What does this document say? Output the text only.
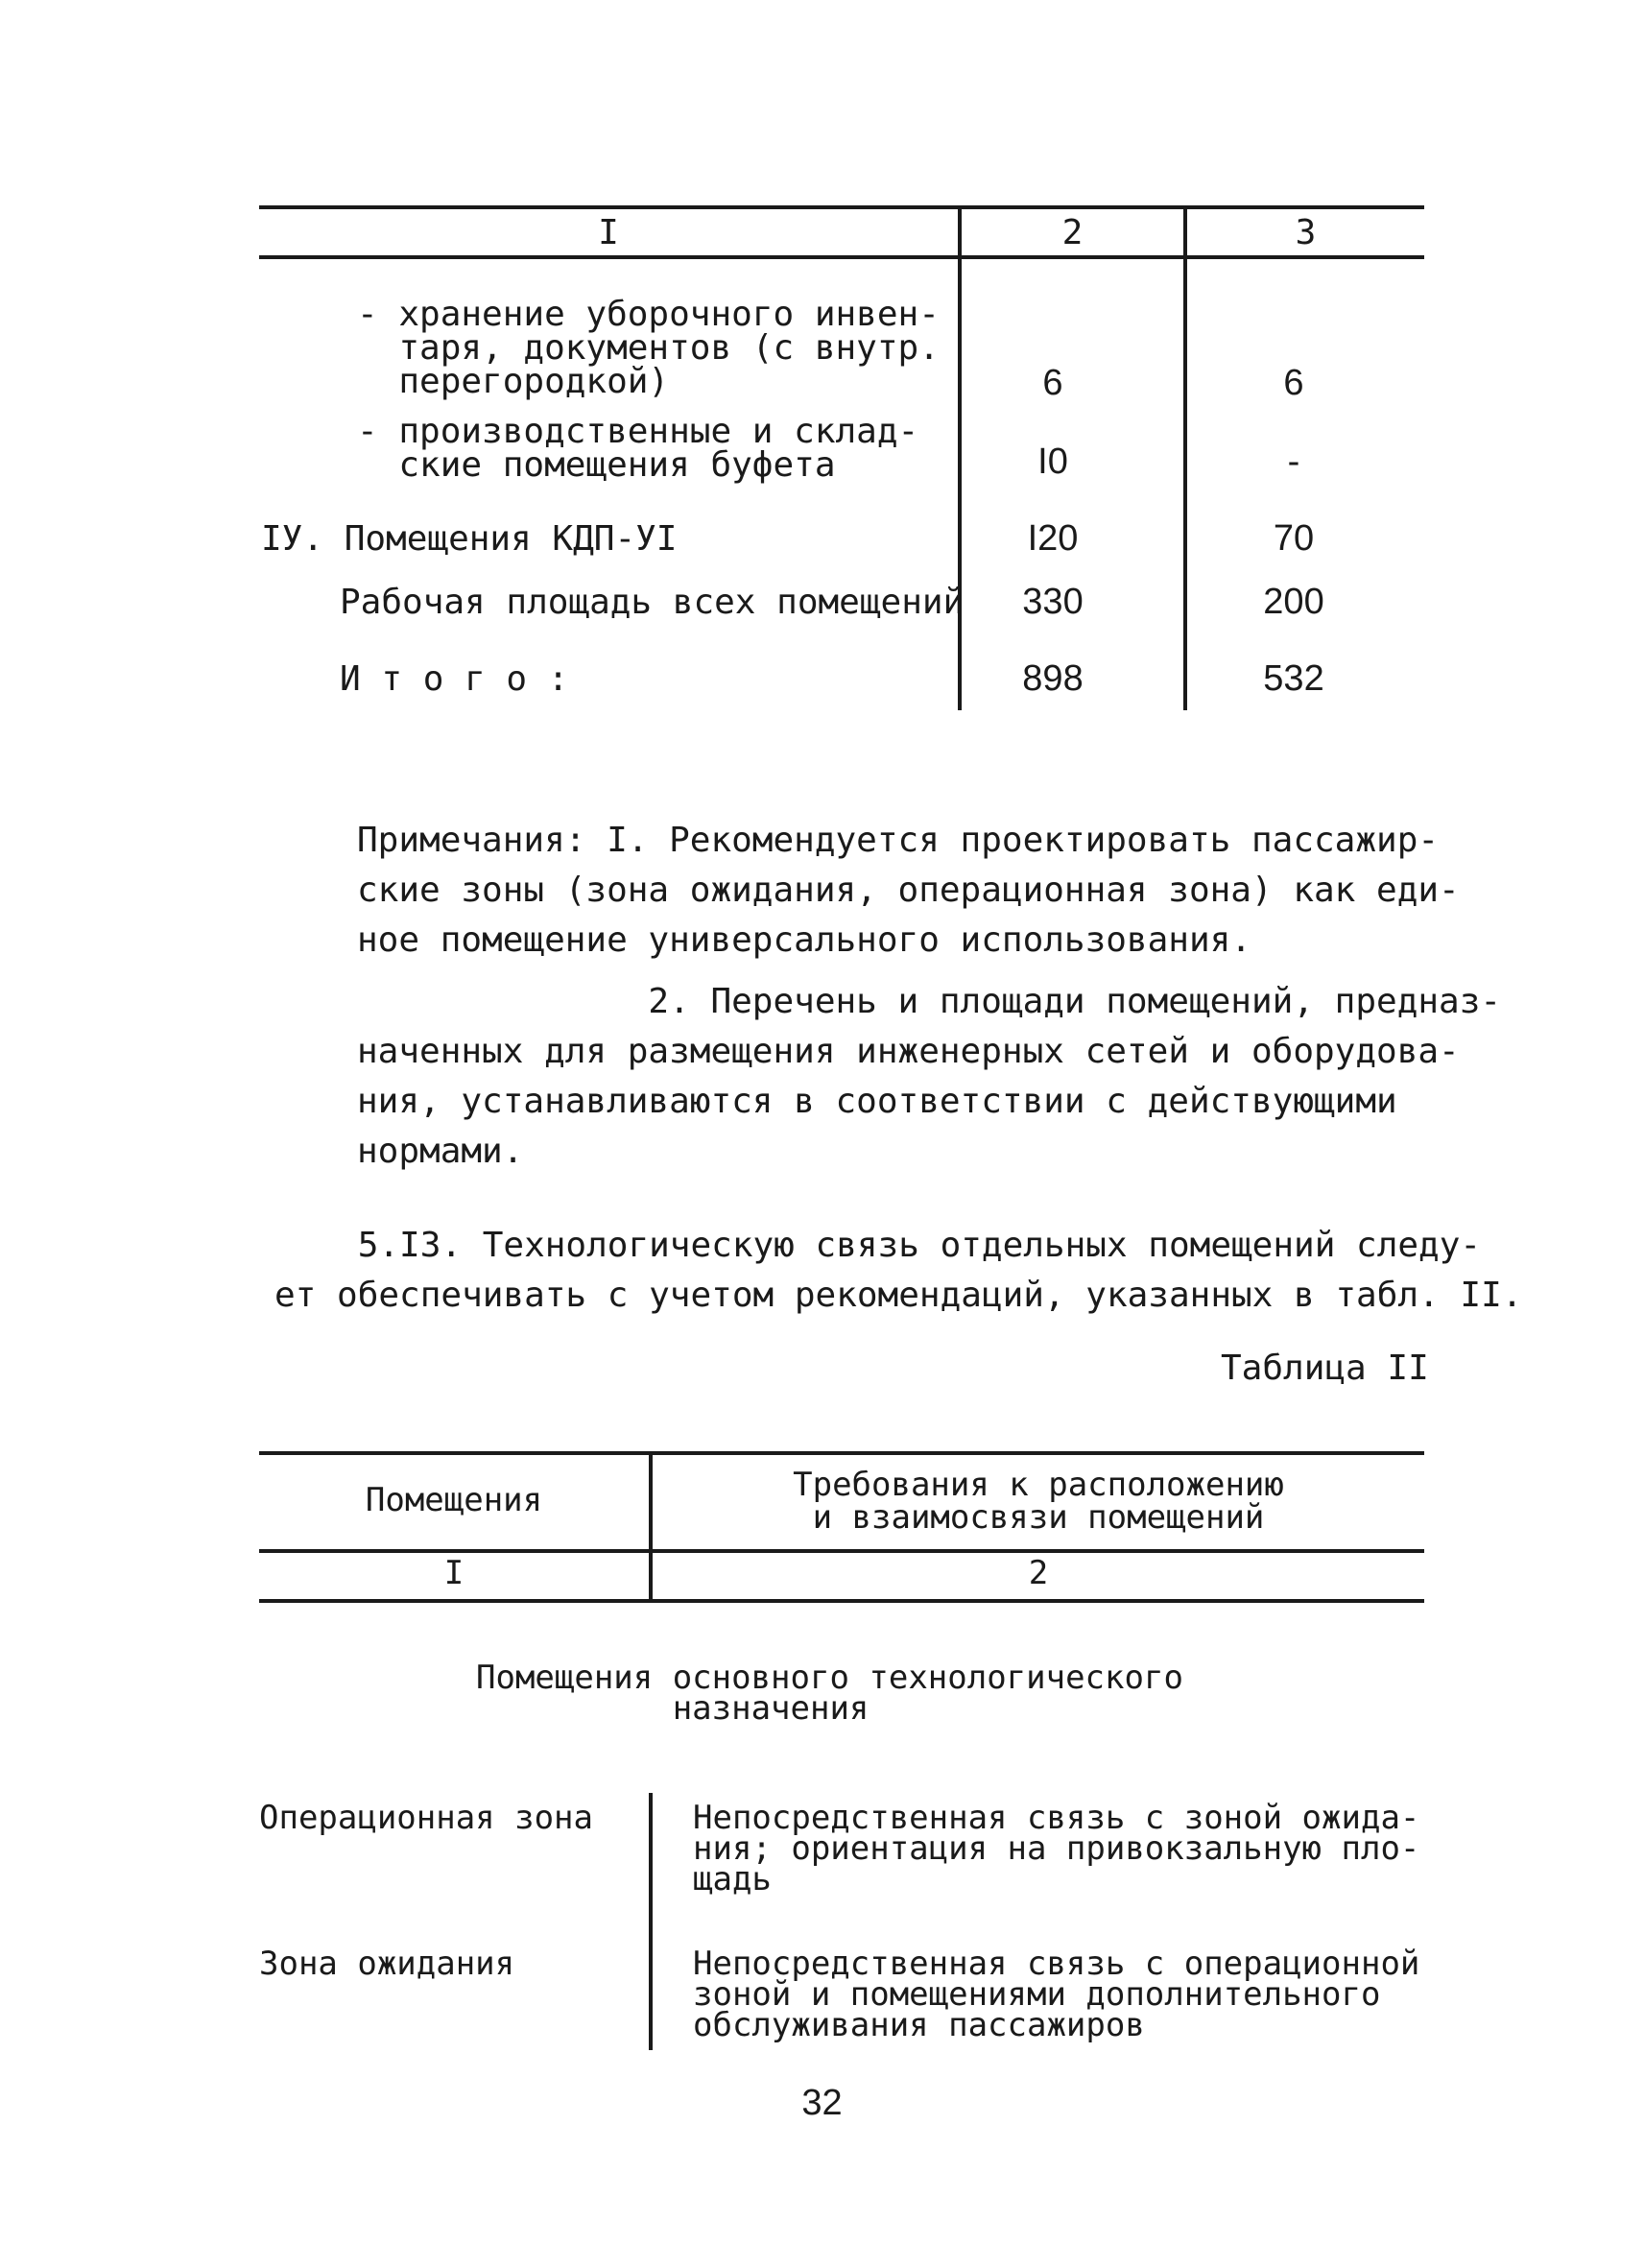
I	2	3
- хранение уборочного инвен-
таря, документов (с внутр.
перегородкой)	6	6
- производственные и склад-
ские помещения буфета	I0	-
IУ. Помещения КДП-УI	I20	70
Рабочая площадь всех помещений	330	200
И т о г о :	898	532
Примечания: I. Рекомендуется проектировать пассажир-
ские зоны (зона ожидания, операционная зона) как еди-
ное помещение универсального использования.
2. Перечень и площади помещений, предназ-
наченных для размещения инженерных сетей и оборудова-
ния, устанавливаются в соответствии с действующими
нормами.
5.I3. Технологическую связь отдельных помещений следу-
ет обеспечивать с учетом рекомендаций, указанных в табл. II.
Таблица II
Помещения	Требования к расположению
и взаимосвязи помещений
I	2
Помещения основного технологического
назначения
Операционная зона	Непосредственная связь с зоной ожида-
ния; ориентация на привокзальную пло-
щадь
Зона ожидания	Непосредственная связь с операционной
зоной и помещениями дополнительного
обслуживания пассажиров
32
